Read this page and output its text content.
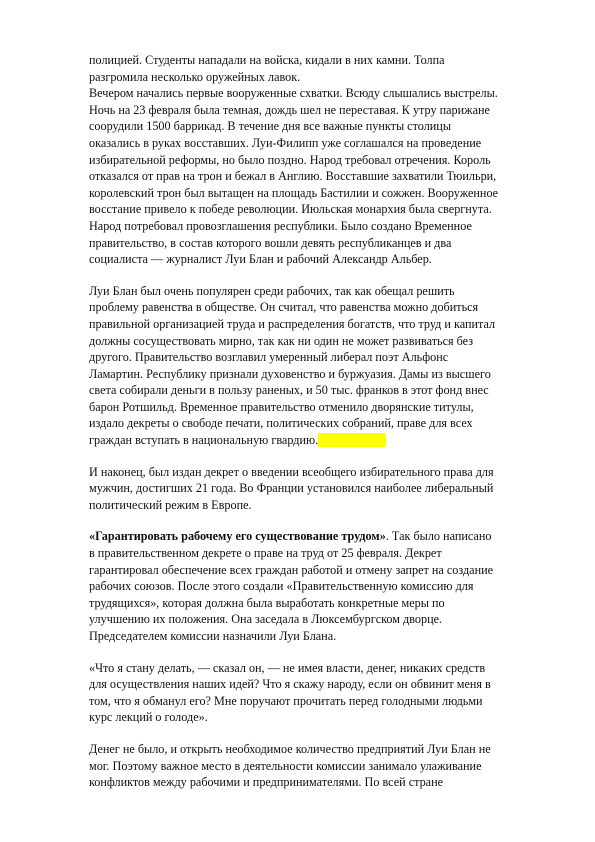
полицией. Студенты нападали на войска, кидали в них камни. Толпа
разгромила несколько оружейных лавок.
Вечером начались первые вооруженные схватки. Всюду слышались выстрелы.
Ночь на 23 февраля была темная, дождь шел не переставая. К утру парижане
соорудили 1500 баррикад. В течение дня все важные пункты столицы
оказались в руках восставших. Луи-Филипп уже соглашался на проведение
избирательной реформы, но было поздно. Народ требовал отречения. Король
отказался от прав на трон и бежал в Англию. Восставшие захватили Тюильри,
королевский трон был вытащен на площадь Бастилии и сожжен. Вооруженное
восстание привело к победе революции. Июльская монархия была свергнута.
Народ потребовал провозглашения республики. Было создано Временное
правительство, в состав которого вошли девять республиканцев и два
социалиста — журналист Луи Блан и рабочий Александр Альбер.

Луи Блан был очень популярен среди рабочих, так как обещал решить
проблему равенства в обществе. Он считал, что равенства можно добиться
правильной организацией труда и распределения богатств, что труд и капитал
должны сосуществовать мирно, так как ни один не может развиваться без
другого. Правительство возглавил умеренный либерал поэт Альфонс
Ламартин. Республику признали духовенство и буржуазия. Дамы из высшего
света собирали деньги в пользу раненых, и 50 тыс. франков в этот фонд внес
барон Ротшильд. Временное правительство отменило дворянские титулы,
издало декреты о свободе печати, политических собраний, праве для всех
граждан вступать в национальную гвардию.

И наконец, был издан декрет о введении всеобщего избирательного права для
мужчин, достигших 21 года. Во Франции установился наиболее либеральный
политический режим в Европе.

«Гарантировать рабочему его существование трудом». Так было написано
в правительственном декрете о праве на труд от 25 февраля. Декрет
гарантировал обеспечение всех граждан работой и отмену запрет на создание
рабочих союзов. После этого создали «Правительственную комиссию для
трудящихся», которая должна была выработать конкретные меры по
улучшению их положения. Она заседала в Люксембургском дворце.
Председателем комиссии назначили Луи Блана.

«Что я стану делать, — сказал он, — не имея власти, денег, никаких средств
для осуществления наших идей? Что я скажу народу, если он обвинит меня в
том, что я обманул его? Мне поручают прочитать перед голодными людьми
курс лекций о голоде».

Денег не было, и открыть необходимое количество предприятий Луи Блан не
мог. Поэтому важное место в деятельности комиссии занимало улаживание
конфликтов между рабочими и предпринимателями. По всей стране
